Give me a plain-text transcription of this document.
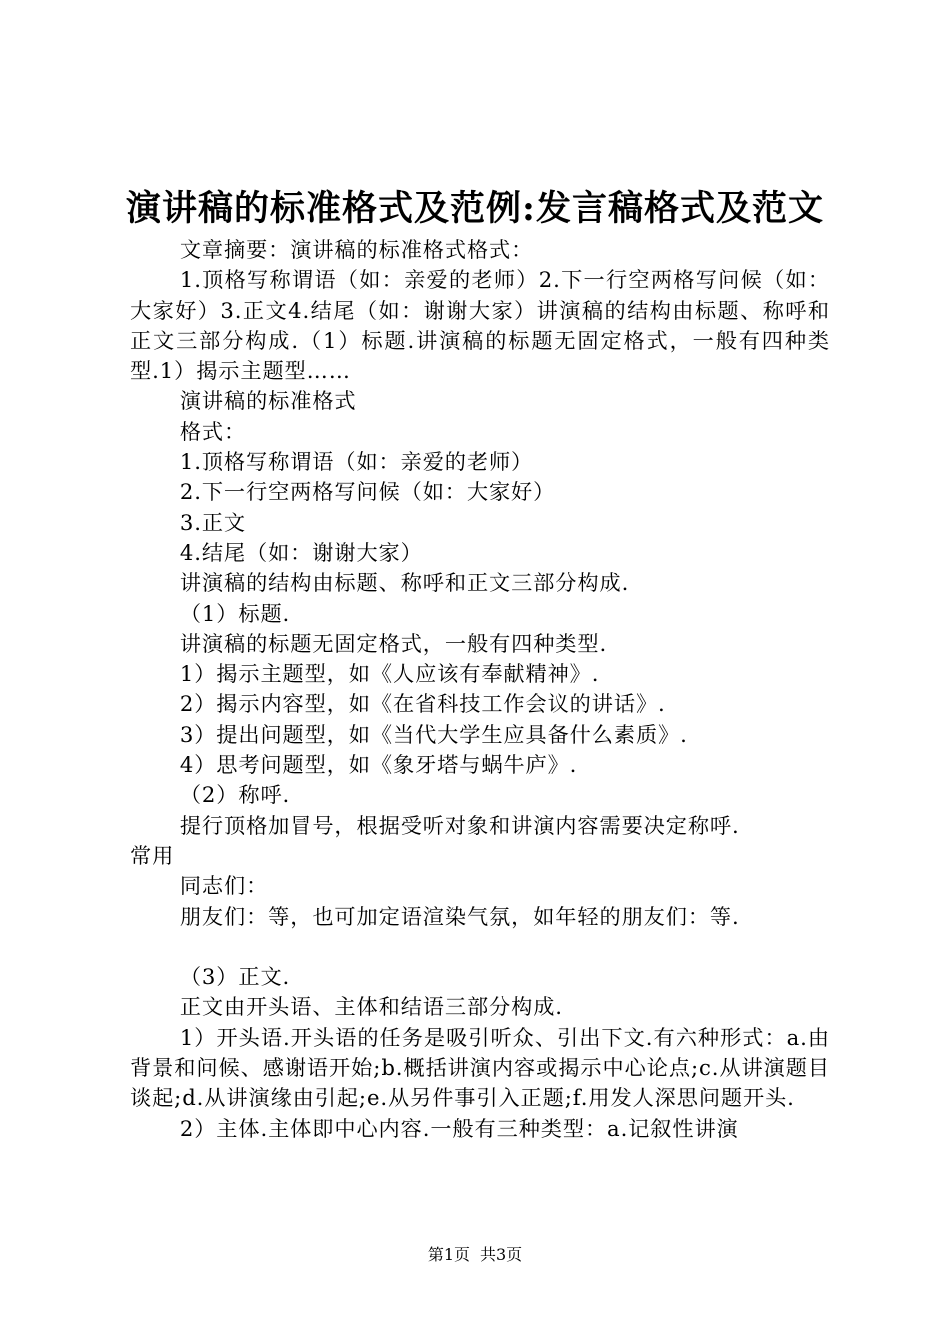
演讲稿的标准格式及范例:发言稿格式及范文

文章摘要：演讲稿的标准格式格式：

1.顶格写称谓语（如：亲爱的老师）2.下一行空两格写问候（如：大家好）3.正文4.结尾（如：谢谢大家）讲演稿的结构由标题、称呼和正文三部分构成.（1）标题.讲演稿的标题无固定格式，一般有四种类型.1）揭示主题型……

演讲稿的标准格式

格式：

1.顶格写称谓语（如：亲爱的老师）

2.下一行空两格写问候（如：大家好）

3.正文

4.结尾（如：谢谢大家）

讲演稿的结构由标题、称呼和正文三部分构成.

（1）标题.

讲演稿的标题无固定格式，一般有四种类型.

1）揭示主题型，如《人应该有奉献精神》.

2）揭示内容型，如《在省科技工作会议的讲话》.

3）提出问题型，如《当代大学生应具备什么素质》.

4）思考问题型，如《象牙塔与蜗牛庐》.

（2）称呼.

提行顶格加冒号，根据受听对象和讲演内容需要决定称呼.

常用

同志们：

朋友们：等，也可加定语渲染气氛，如年轻的朋友们：等.

（3）正文.

正文由开头语、主体和结语三部分构成.

1）开头语.开头语的任务是吸引听众、引出下文.有六种形式：a.由背景和问候、感谢语开始;b.概括讲演内容或揭示中心论点;c.从讲演题目谈起;d.从讲演缘由引起;e.从另件事引入正题;f.用发人深思问题开头.

2）主体.主体即中心内容.一般有三种类型：a.记叙性讲演

第1页 共3页
